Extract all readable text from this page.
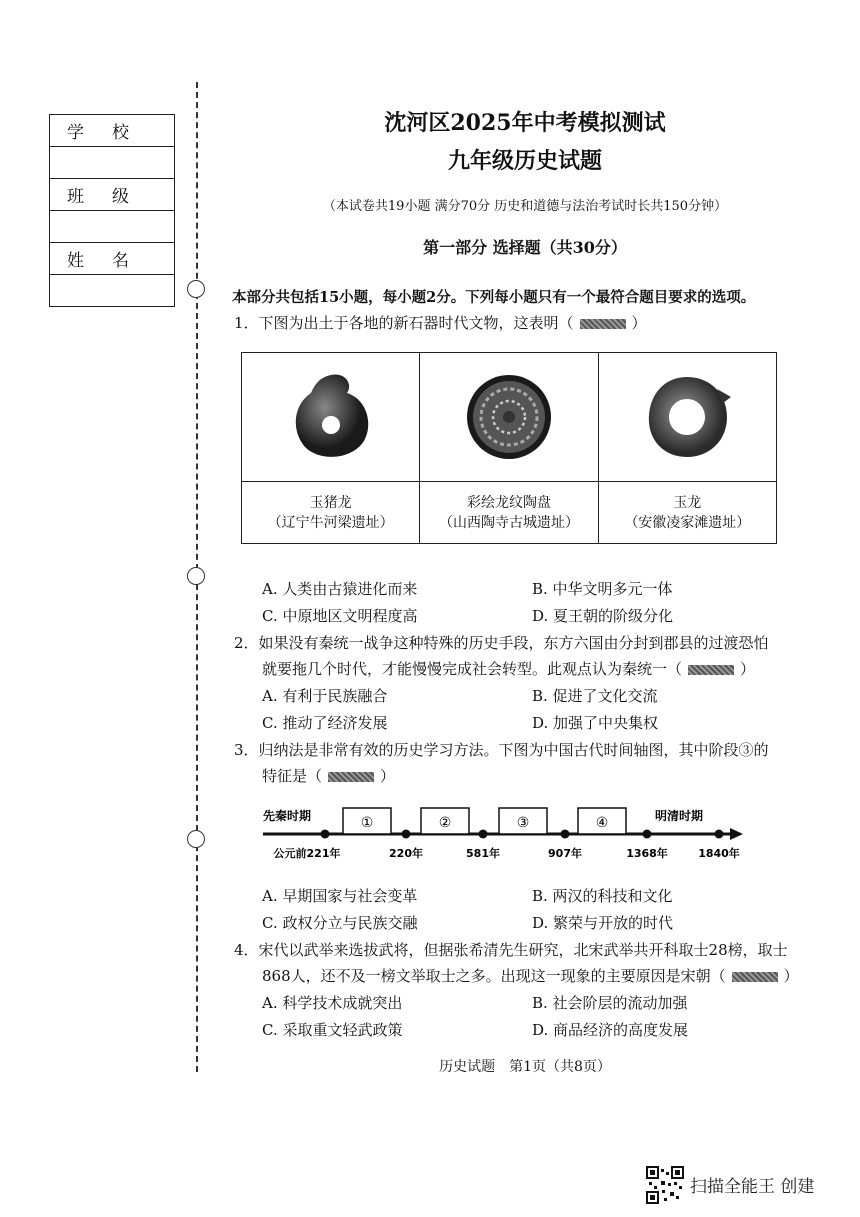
学校

班级

姓名

沈河区2025年中考模拟测试
九年级历史试题
（本试卷共19小题 满分70分 历史和道德与法治考试时长共150分钟）
第一部分 选择题（共30分）
本部分共包括15小题，每小题2分。下列每小题只有一个最符合题目要求的选项。
1．下图为出土于各地的新石器时代文物，这表明（	）
玉猪龙
（辽宁牛河梁遗址）
彩绘龙纹陶盘
（山西陶寺古城遗址）
玉龙
（安徽凌家滩遗址）
A. 人类由古猿进化而来	B. 中华文明多元一体
C. 中原地区文明程度高	D. 夏王朝的阶级分化
2．如果没有秦统一战争这种特殊的历史手段，东方六国由分封到郡县的过渡恐怕
就要拖几个时代，才能慢慢完成社会转型。此观点认为秦统一（	）
A. 有利于民族融合	B. 促进了文化交流
C. 推动了经济发展	D. 加强了中央集权
3．归纳法是非常有效的历史学习方法。下图为中国古代时间轴图，其中阶段③的
特征是（	）
先秦时期	明清时期
①	②	③	④
公元前221年	220年	581年	907年	1368年	1840年
A. 早期国家与社会变革	B. 两汉的科技和文化
C. 政权分立与民族交融	D. 繁荣与开放的时代
4．宋代以武举来选拔武将，但据张希清先生研究，北宋武举共开科取士28榜，取士
868人，还不及一榜文举取士之多。出现这一现象的主要原因是宋朝（	）
A. 科学技术成就突出	B. 社会阶层的流动加强
C. 采取重文轻武政策	D. 商品经济的高度发展
历史试题　第1页（共8页）
扫描全能王 创建
